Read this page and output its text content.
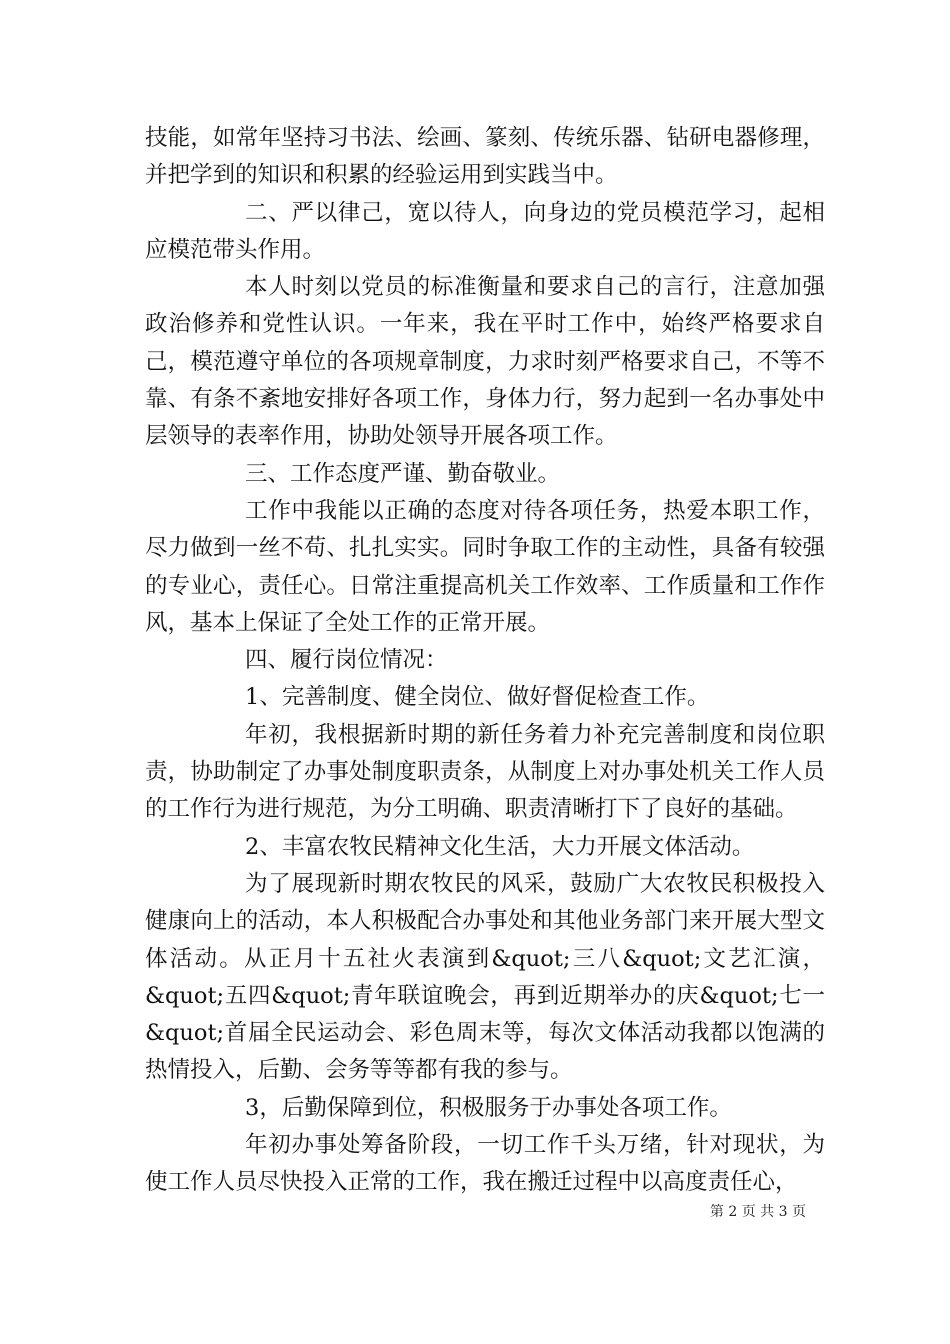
技能，如常年坚持习书法、绘画、篆刻、传统乐器、钻研电器修理，并把学到的知识和积累的经验运用到实践当中。

二、严以律己，宽以待人，向身边的党员模范学习，起相应模范带头作用。

本人时刻以党员的标准衡量和要求自己的言行，注意加强政治修养和党性认识。一年来，我在平时工作中，始终严格要求自己，模范遵守单位的各项规章制度，力求时刻严格要求自己，不等不靠、有条不紊地安排好各项工作，身体力行，努力起到一名办事处中层领导的表率作用，协助处领导开展各项工作。

三、工作态度严谨、勤奋敬业。

工作中我能以正确的态度对待各项任务，热爱本职工作，尽力做到一丝不苟、扎扎实实。同时争取工作的主动性，具备有较强的专业心，责任心。日常注重提高机关工作效率、工作质量和工作作风，基本上保证了全处工作的正常开展。

四、履行岗位情况：

1、完善制度、健全岗位、做好督促检查工作。

年初，我根据新时期的新任务着力补充完善制度和岗位职责，协助制定了办事处制度职责条，从制度上对办事处机关工作人员的工作行为进行规范，为分工明确、职责清晰打下了良好的基础。

2、丰富农牧民精神文化生活，大力开展文体活动。

为了展现新时期农牧民的风采，鼓励广大农牧民积极投入健康向上的活动，本人积极配合办事处和其他业务部门来开展大型文体活动。从正月十五社火表演到&quot;三八&quot;文艺汇演，&quot;五四&quot;青年联谊晚会，再到近期举办的庆&quot;七一&quot;首届全民运动会、彩色周末等，每次文体活动我都以饱满的热情投入，后勤、会务等等都有我的参与。

3，后勤保障到位，积极服务于办事处各项工作。

年初办事处筹备阶段，一切工作千头万绪，针对现状，为使工作人员尽快投入正常的工作，我在搬迁过程中以高度责任心，

第 2 页 共 3 页
